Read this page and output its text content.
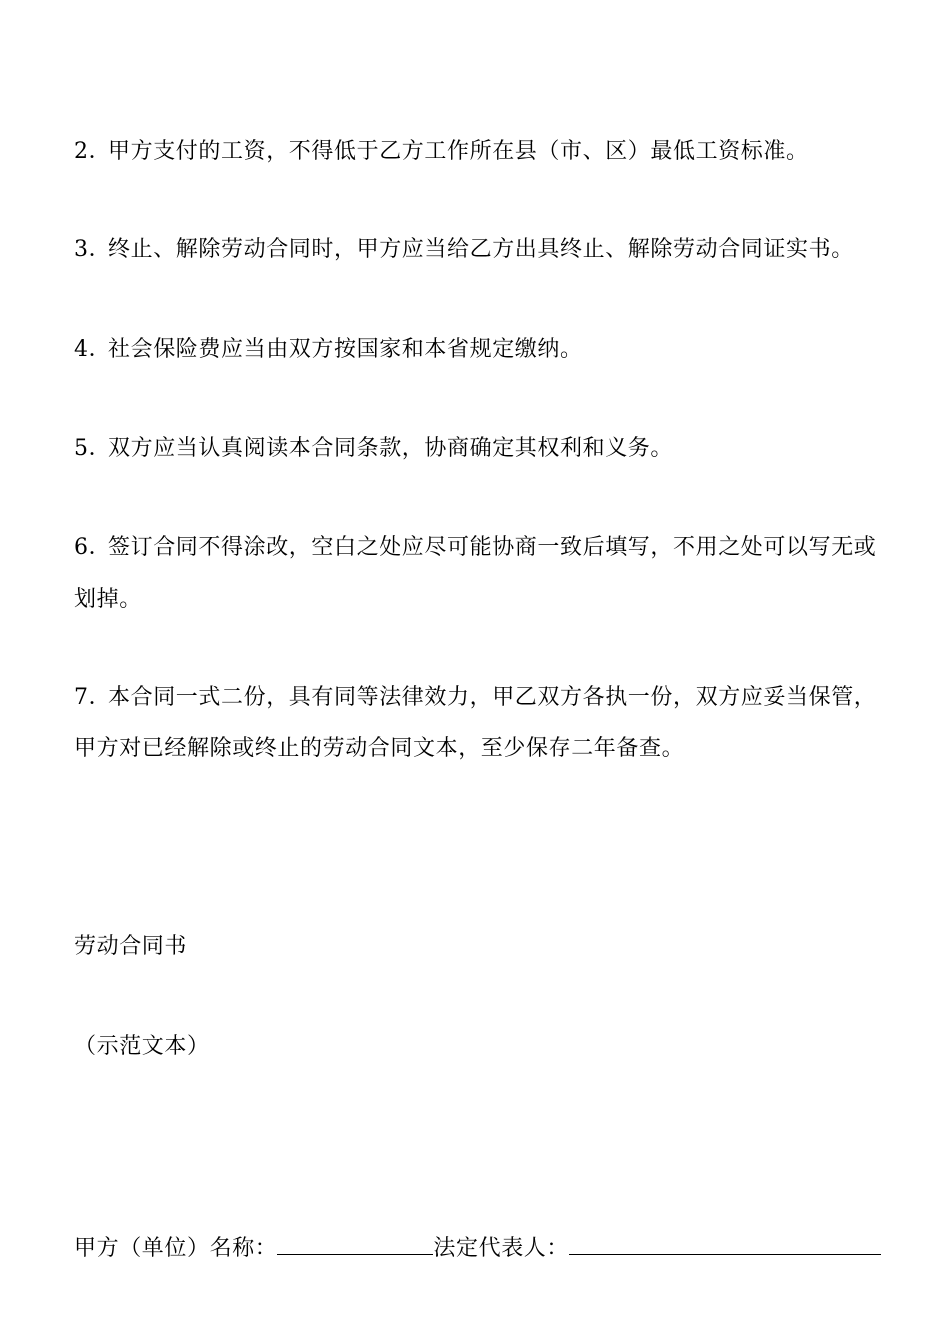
2．甲方支付的工资，不得低于乙方工作所在县（市、区）最低工资标准。
3．终止、解除劳动合同时，甲方应当给乙方出具终止、解除劳动合同证实书。
4．社会保险费应当由双方按国家和本省规定缴纳。
5．双方应当认真阅读本合同条款，协商确定其权利和义务。
6．签订合同不得涂改，空白之处应尽可能协商一致后填写，不用之处可以写无或
划掉。
7．本合同一式二份，具有同等法律效力，甲乙双方各执一份，双方应妥当保管，
甲方对已经解除或终止的劳动合同文本，至少保存二年备查。
劳动合同书
（示范文本）
甲方（单位）名称：	法定代表人：
